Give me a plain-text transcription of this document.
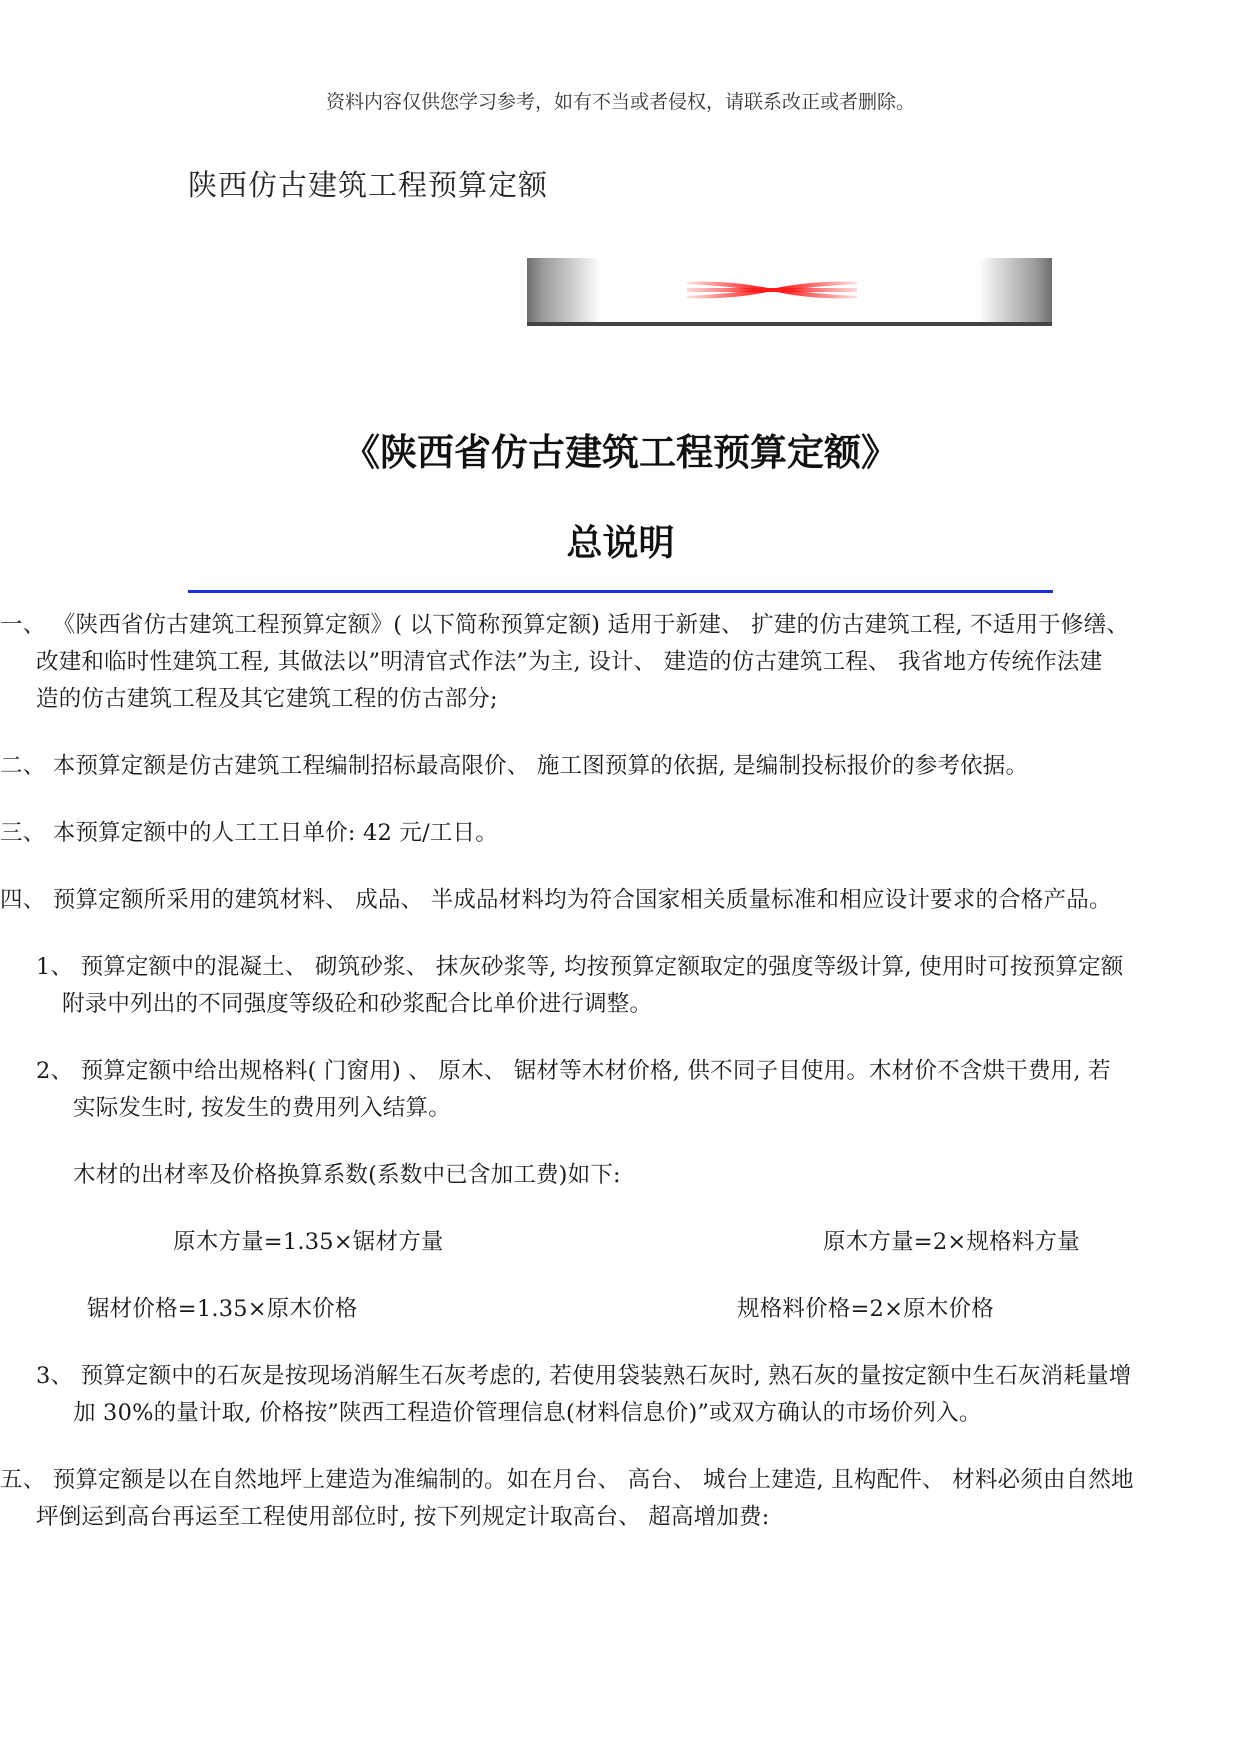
资料内容仅供您学习参考，如有不当或者侵权，请联系改正或者删除。
陕西仿古建筑工程预算定额
《陕西省仿古建筑工程预算定额》
总说明
一、 《陕西省仿古建筑工程预算定额》( 以下简称预算定额) 适用于新建、 扩建的仿古建筑工程, 不适用于修缮、
改建和临时性建筑工程, 其做法以”明清官式作法”为主, 设计、 建造的仿古建筑工程、 我省地方传统作法建
造的仿古建筑工程及其它建筑工程的仿古部分;
二、 本预算定额是仿古建筑工程编制招标最高限价、 施工图预算的依据, 是编制投标报价的参考依据。
三、 本预算定额中的人工工日单价: 42 元/工日。
四、 预算定额所采用的建筑材料、 成品、 半成品材料均为符合国家相关质量标准和相应设计要求的合格产品。
1、 预算定额中的混凝土、 砌筑砂浆、 抹灰砂浆等, 均按预算定额取定的强度等级计算, 使用时可按预算定额
附录中列出的不同强度等级砼和砂浆配合比单价进行调整。
2、 预算定额中给出规格料( 门窗用) 、 原木、 锯材等木材价格, 供不同子目使用。木材价不含烘干费用, 若
实际发生时, 按发生的费用列入结算。
木材的出材率及价格换算系数(系数中已含加工费)如下:
原木方量=1.35×锯材方量	原木方量=2×规格料方量
锯材价格=1.35×原木价格	规格料价格=2×原木价格
3、 预算定额中的石灰是按现场消解生石灰考虑的, 若使用袋装熟石灰时, 熟石灰的量按定额中生石灰消耗量增
加 30%的量计取, 价格按”陕西工程造价管理信息(材料信息价)”或双方确认的市场价列入。
五、 预算定额是以在自然地坪上建造为准编制的。如在月台、 高台、 城台上建造, 且构配件、 材料必须由自然地
坪倒运到高台再运至工程使用部位时, 按下列规定计取高台、 超高增加费:
